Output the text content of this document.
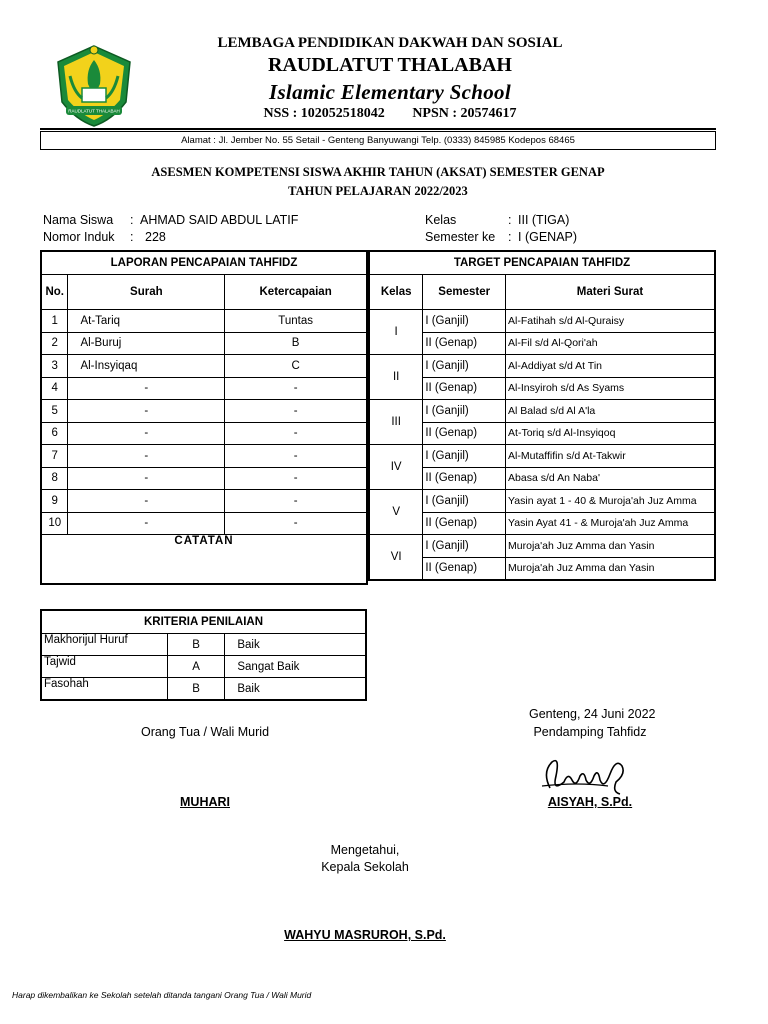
RAUDLATUT THALABAH
LEMBAGA PENDIDIKAN DAKWAH DAN SOSIAL
RAUDLATUT THALABAH
Islamic Elementary School
NSS : 102052518042 NPSN : 20574617
Alamat : Jl. Jember No. 55 Setail - Genteng Banyuwangi Telp. (0333) 845985 Kodepos 68465
ASESMEN KOMPETENSI SISWA AKHIR TAHUN (AKSAT) SEMESTER GENAP
TAHUN PELAJARAN 2022/2023
Nama Siswa : AHMAD SAID ABDUL LATIF
Nomor Induk : 228
Kelas	: III (TIGA)
Semester ke : I (GENAP)
LAPORAN PENCAPAIAN TAHFIDZ		
No.	Surah	Ketercapaian
1	At-Tariq	Tuntas
2	Al-Buruj	B
3	Al-Insyiqaq	C
4	-	-
5	-	-
6	-	-
7	-	-
8	-	-
9	-	-
10	-	-
CATATAN		
TARGET PENCAPAIAN TAHFIDZ		
Kelas	Semester	Materi Surat
I	I (Ganjil)	Al-Fatihah s/d Al-Quraisy
	II (Genap)	Al-Fil s/d Al-Qori'ah
II	I (Ganjil)	Al-Addiyat s/d At Tin
	II (Genap)	Al-Insyiroh s/d As Syams
III	I (Ganjil)	Al Balad s/d Al A'la
	II (Genap)	At-Toriq s/d Al-Insyiqoq
IV	I (Ganjil)	Al-Mutaffifin s/d At-Takwir
	II (Genap)	Abasa s/d An Naba'
V	I (Ganjil)	Yasin ayat 1 - 40 & Muroja'ah Juz Amma
	II (Genap)	Yasin Ayat 41 - & Muroja'ah Juz Amma
VI	I (Ganjil)	Muroja'ah Juz Amma dan Yasin
	II (Genap)	Muroja'ah Juz Amma dan Yasin
KRITERIA PENILAIAN		
Makhorijul Huruf	B	Baik
Tajwid	A	Sangat Baik
Fasohah	B	Baik
Genteng, 24 Juni 2022
Orang Tua / Wali Murid	Pendamping Tahfidz
MUHARI	AISYAH, S.Pd.
Mengetahui,
Kepala Sekolah
WAHYU MASRUROH, S.Pd.
Harap dikembalikan ke Sekolah setelah ditanda tangani Orang Tua / Wali Murid
